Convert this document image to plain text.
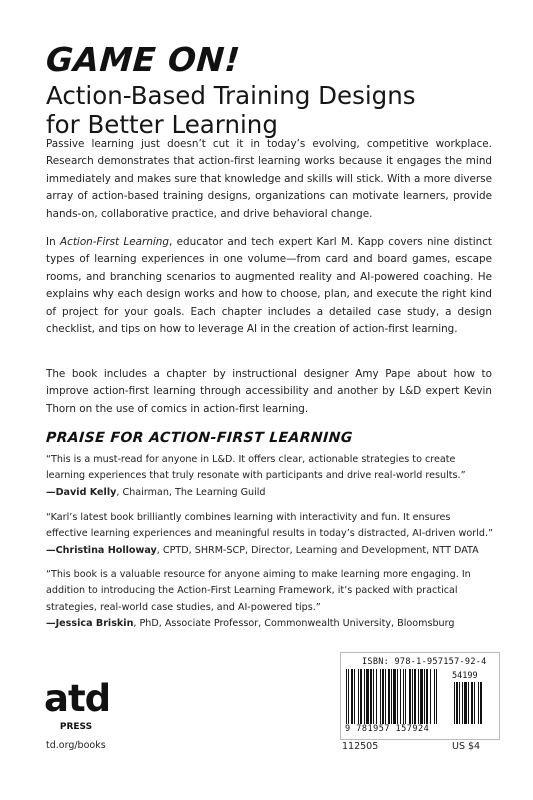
GAME ON!
Action-Based Training Designs
for Better Learning

Passive learning just doesn’t cut it in today’s evolving, competitive workplace. Research demonstrates that action-first learning works because it engages the mind immediately and makes sure that knowledge and skills will stick. With a more diverse array of action-based training designs, organizations can motivate learners, provide hands-on, collaborative practice, and drive behavioral change.

In Action-First Learning, educator and tech expert Karl M. Kapp covers nine distinct types of learning experiences in one volume—from card and board games, escape rooms, and branching scenarios to augmented reality and AI-powered coaching. He explains why each design works and how to choose, plan, and execute the right kind of project for your goals. Each chapter includes a detailed case study, a design checklist, and tips on how to leverage AI in the creation of action-first learning.

The book includes a chapter by instructional designer Amy Pape about how to improve action-first learning through accessibility and another by L&D expert Kevin Thorn on the use of comics in action-first learning.

PRAISE FOR ACTION-FIRST LEARNING
“This is a must-read for anyone in L&D. It offers clear, actionable strategies to create learning experiences that truly resonate with participants and drive real-world results.”
—David Kelly, Chairman, The Learning Guild
“Karl’s latest book brilliantly combines learning with interactivity and fun. It ensures effective learning experiences and meaningful results in today’s distracted, AI-driven world.”
—Christina Holloway, CPTD, SHRM-SCP, Director, Learning and Development, NTT DATA
“This book is a valuable resource for anyone aiming to make learning more engaging. In addition to introducing the Action-First Learning Framework, it’s packed with practical strategies, real-world case studies, and AI-powered tips.”
—Jessica Briskin, PhD, Associate Professor, Commonwealth University, Bloomsburg
atd
PRESS
td.org/books
ISBN: 978-1-957157-92-4
54199
9 781957 157924
112505	US $4
